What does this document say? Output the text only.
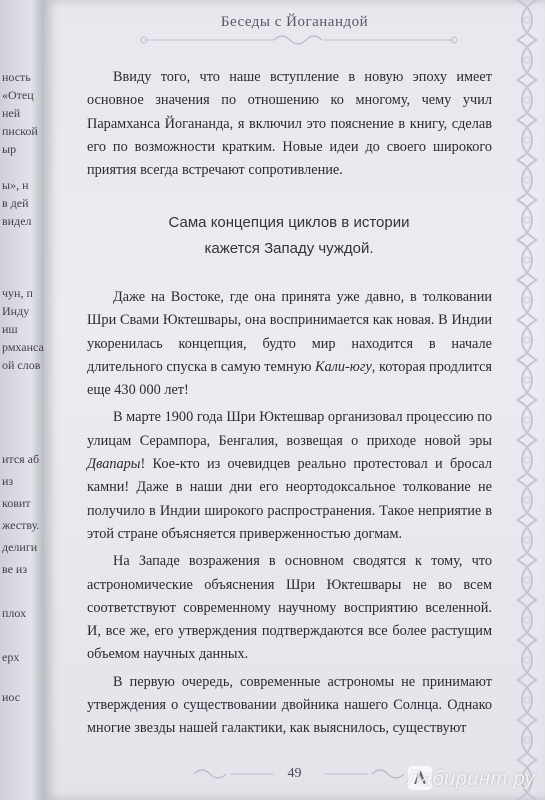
ность
«Отец
ней
пнской
ыр
ы», н
в дей
видел
чун, п
Инду
иш
рмханса
ой слов
ится аб
из
ковит
жеству.
делиги
ве из
плох
ерх
иос
Беседы с Йоганандой

Ввиду того, что наше вступление в новую эпоху имеет основное значения по отношению ко многому, чему учил Парамханса Йогананда, я включил это пояснение в книгу, сделав его по возможности кратким. Новые идеи до своего широкого приятия всегда встречают сопротивление.

Сама концепция циклов в истории
кажется Западу чуждой.

Даже на Востоке, где она принята уже давно, в толковании Шри Свами Юктешвары, она воспринимается как новая. В Индии укоренилась концепция, будто мир находится в начале длительного спуска в самую темную Кали-югу, которая продлится еще 430 000 лет!

В марте 1900 года Шри Юктешвар организовал процессию по улицам Серампора, Бенгалия, возвещая о приходе новой эры Двапары! Кое-кто из очевидцев реально протестовал и бросал камни! Даже в наши дни его неортодоксальное толкование не получило в Индии широкого распространения. Такое неприятие в этой стране объясняется приверженностью догмам.

На Западе возражения в основном сводятся к тому, что астрономические объяснения Шри Юктешвары не во всем соответствуют современному научному восприятию вселенной. И, все же, его утверждения подтверждаются все более растущим объемом научных данных.

В первую очередь, современные астрономы не принимают утверждения о существовании двойника нашего Солнца. Однако многие звезды нашей галактики, как выяснилось, существуют

49	Лабиринт.ру
